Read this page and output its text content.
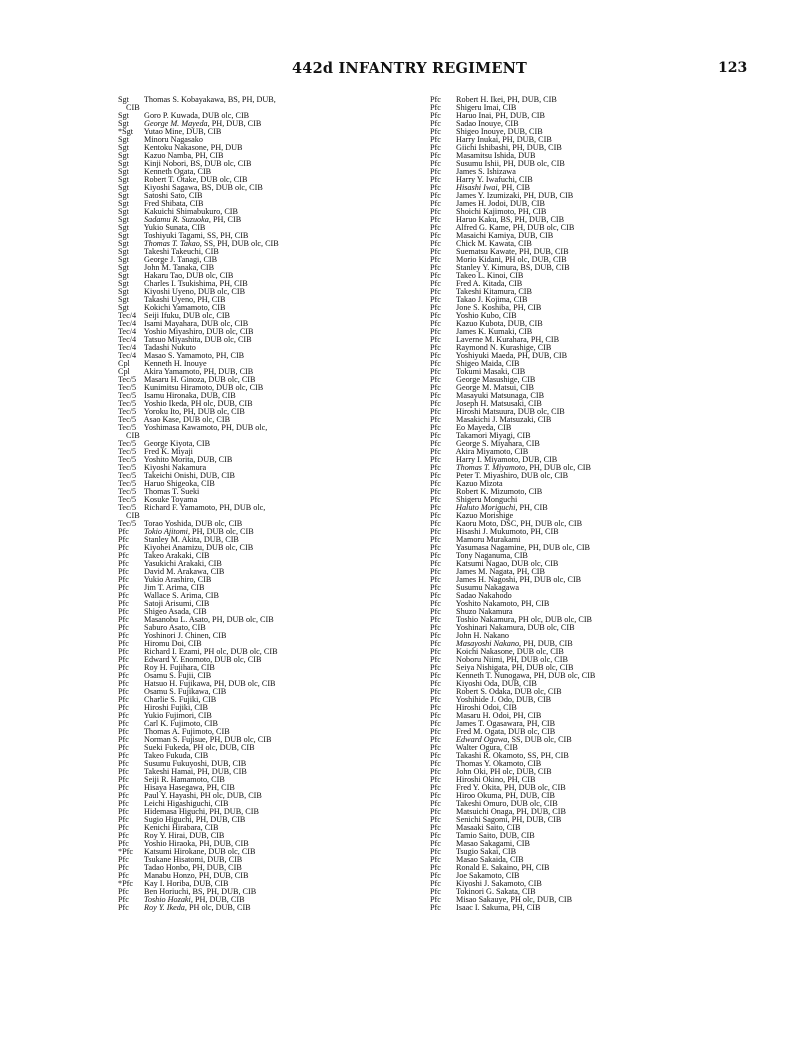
442d INFANTRY REGIMENT	123
Sgt Thomas S. Kobayakawa, BS, PH, DUB,
CIB
Sgt Goro P. Kuwada, DUB olc, CIB
Sgt George M. Mayeda, PH, DUB, CIB
*Sgt Yutao Mine, DUB, CIB
Sgt Minoru Nagasako
Sgt Kentoku Nakasone, PH, DUB
Sgt Kazuo Namba, PH, CIB
Sgt Kinji Nobori, BS, DUB olc, CIB
Sgt Kenneth Ogata, CIB
Sgt Robert T. Otake, DUB olc, CIB
Sgt Kiyoshi Sagawa, BS, DUB olc, CIB
Sgt Satoshi Sato, CIB
Sgt Fred Shibata, CIB
Sgt Kakuichi Shimabukuro, CIB
Sgt Sadamu R. Suzuoka, PH, CIB
Sgt Yukio Sunata, CIB
Sgt Toshiyuki Tagami, SS, PH, CIB
Sgt Thomas T. Takao, SS, PH, DUB olc, CIB
Sgt Takeshi Takeuchi, CIB
Sgt George J. Tanagi, CIB
Sgt John M. Tanaka, CIB
Sgt Hakaru Tao, DUB olc, CIB
Sgt Charles I. Tsukishima, PH, CIB
Sgt Kiyoshi Uyeno, DUB olc, CIB
Sgt Takashi Uyeno, PH, CIB
Sgt Kokichi Yamamoto, CIB
Tec/4 Seiji Ifuku, DUB olc, CIB
Tec/4 Isami Mayahara, DUB olc, CIB
Tec/4 Yoshio Miyashiro, DUB olc, CIB
Tec/4 Tatsuo Miyashita, DUB olc, CIB
Tec/4 Tadashi Nukuto
Tec/4 Masao S. Yamamoto, PH, CIB
Cpl Kenneth H. Inouye
Cpl Akira Yamamoto, PH, DUB, CIB
Tec/5 Masaru H. Ginoza, DUB olc, CIB
Tec/5 Kunimitsu Hiramoto, DUB olc, CIB
Tec/5 Isamu Hironaka, DUB, CIB
Tec/5 Yoshio Ikeda, PH olc, DUB, CIB
Tec/5 Yoroku Ito, PH, DUB olc, CIB
Tec/5 Asao Kase, DUB olc, CIB
Tec/5 Yoshimasa Kawamoto, PH, DUB olc,
CIB
Tec/5 George Kiyota, CIB
Tec/5 Fred K. Miyaji
Tec/5 Yoshito Morita, DUB, CIB
Tec/5 Kiyoshi Nakamura
Tec/5 Takeichi Onishi, DUB, CIB
Tec/5 Haruo Shigeoka, CIB
Tec/5 Thomas T. Sueki
Tec/5 Kosuke Toyama
Tec/5 Richard F. Yamamoto, PH, DUB olc,
CIB
Tec/5 Torao Yoshida, DUB olc, CIB
Pfc Tokio Ajitomi, PH, DUB olc, CIB
Pfc Stanley M. Akita, DUB, CIB
Pfc Kiyohei Anamizu, DUB olc, CIB
Pfc Takeo Arakaki, CIB
Pfc Yasukichi Arakaki, CIB
Pfc David M. Arakawa, CIB
Pfc Yukio Arashiro, CIB
Pfc Jim T. Arima, CIB
Pfc Wallace S. Arima, CIB
Pfc Satoji Arisumi, CIB
Pfc Shigeo Asada, CIB
Pfc Masanobu L. Asato, PH, DUB olc, CIB
Pfc Saburo Asato, CIB
Pfc Yoshinori J. Chinen, CIB
Pfc Hiromu Doi, CIB
Pfc Richard I. Ezami, PH olc, DUB olc, CIB
Pfc Edward Y. Enomoto, DUB olc, CIB
Pfc Roy H. Fujihara, CIB
Pfc Osamu S. Fujii, CIB
Pfc Hatsuo H. Fujikawa, PH, DUB olc, CIB
Pfc Osamu S. Fujikawa, CIB
Pfc Charlie S. Fujiki, CIB
Pfc Hiroshi Fujiki, CIB
Pfc Yukio Fujimori, CIB
Pfc Carl K. Fujimoto, CIB
Pfc Thomas A. Fujimoto, CIB
Pfc Norman S. Fujisue, PH, DUB olc, CIB
Pfc Sueki Fukeda, PH olc, DUB, CIB
Pfc Takeo Fukuda, CIB
Pfc Susumu Fukuyoshi, DUB, CIB
Pfc Takeshi Hamai, PH, DUB, CIB
Pfc Seiji R. Hamamoto, CIB
Pfc Hisaya Hasegawa, PH, CIB
Pfc Paul Y. Hayashi, PH olc, DUB, CIB
Pfc Leichi Higashiguchi, CIB
Pfc Hidemasa Higuchi, PH, DUB, CIB
Pfc Sugio Higuchi, PH, DUB, CIB
Pfc Kenichi Hirabara, CIB
Pfc Roy Y. Hirai, DUB, CIB
Pfc Yoshio Hiraoka, PH, DUB, CIB
*Pfc Katsumi Hirokane, DUB olc, CIB
Pfc Tsukane Hisatomi, DUB, CIB
Pfc Tadao Honbo, PH, DUB, CIB
Pfc Manabu Honzo, PH, DUB, CIB
*Pfc Kay I. Horiba, DUB, CIB
Pfc Ben Horiuchi, BS, PH, DUB, CIB
Pfc Toshio Hozaki, PH, DUB, CIB
Pfc Roy Y. Ikeda, PH olc, DUB, CIB
Pfc Robert H. Ikei, PH, DUB, CIB
Pfc Shigeru Imai, CIB
Pfc Haruo Inai, PH, DUB, CIB
Pfc Sadao Inouye, CIB
Pfc Shigeo Inouye, DUB, CIB
Pfc Harry Inukai, PH, DUB, CIB
Pfc Giichi Ishibashi, PH, DUB, CIB
Pfc Masamitsu Ishida, DUB
Pfc Susumu Ishii, PH, DUB olc, CIB
Pfc James S. Ishizawa
Pfc Harry Y. Iwafuchi, CIB
Pfc Hisashi Iwai, PH, CIB
Pfc James Y. Izumizaki, PH, DUB, CIB
Pfc James H. Jodoi, DUB, CIB
Pfc Shoichi Kajimoto, PH, CIB
Pfc Haruo Kaku, BS, PH, DUB, CIB
Pfc Alfred G. Kame, PH, DUB olc, CIB
Pfc Masaichi Kamiya, DUB, CIB
Pfc Chick M. Kawata, CIB
Pfc Suematsu Kawate, PH, DUB, CIB
Pfc Morio Kidani, PH olc, DUB, CIB
Pfc Stanley Y. Kimura, BS, DUB, CIB
Pfc Takeo L. Kinoi, CIB
Pfc Fred A. Kitada, CIB
Pfc Takeshi Kitamura, CIB
Pfc Takao J. Kojima, CIB
Pfc Jone S. Koshiba, PH, CIB
Pfc Yoshio Kubo, CIB
Pfc Kazuo Kubota, DUB, CIB
Pfc James K. Kumaki, CIB
Pfc Laverne M. Kurahara, PH, CIB
Pfc Raymond N. Kurashige, CIB
Pfc Yoshiyuki Maeda, PH, DUB, CIB
Pfc Shigeo Maida, CIB
Pfc Tokumi Masaki, CIB
Pfc George Masushige, CIB
Pfc George M. Matsui, CIB
Pfc Masayuki Matsunaga, CIB
Pfc Joseph H. Matsusaki, CIB
Pfc Hiroshi Matsuura, DUB olc, CIB
Pfc Masakichi J. Matsuzaki, CIB
Pfc Eo Mayeda, CIB
Pfc Takamori Miyagi, CIB
Pfc George S. Miyahara, CIB
Pfc Akira Miyamoto, CIB
Pfc Harry I. Miyamoto, DUB, CIB
Pfc Thomas T. Miyamoto, PH, DUB olc, CIB
Pfc Peter T. Miyashiro, DUB olc, CIB
Pfc Kazuo Mizota
Pfc Robert K. Mizumoto, CIB
Pfc Shigeru Monguchi
Pfc Haluto Moriguchi, PH, CIB
Pfc Kazuo Morishige
Pfc Kaoru Moto, DSC, PH, DUB olc, CIB
Pfc Hisashi J. Mukumoto, PH, CIB
Pfc Mamoru Murakami
Pfc Yasumasa Nagamine, PH, DUB olc, CIB
Pfc Tony Naganuma, CIB
Pfc Katsumi Nagao, DUB olc, CIB
Pfc James M. Nagata, PH, CIB
Pfc James H. Nagoshi, PH, DUB olc, CIB
Pfc Susumu Nakagawa
Pfc Sadao Nakahodo
Pfc Yoshito Nakamoto, PH, CIB
Pfc Shuzo Nakamura
Pfc Toshio Nakamura, PH olc, DUB olc, CIB
Pfc Yoshinari Nakamura, DUB olc, CIB
Pfc John H. Nakano
Pfc Masayoshi Nakano, PH, DUB, CIB
Pfc Koichi Nakasone, DUB olc, CIB
Pfc Noboru Niimi, PH, DUB olc, CIB
Pfc Seiya Nishigata, PH, DUB olc, CIB
Pfc Kenneth T. Nunogawa, PH, DUB olc, CIB
Pfc Kiyoshi Oda, DUB, CIB
Pfc Robert S. Odaka, DUB olc, CIB
Pfc Yoshihide J. Odo, DUB, CIB
Pfc Hiroshi Odoi, CIB
Pfc Masaru H. Odoi, PH, CIB
Pfc James T. Ogasawara, PH, CIB
Pfc Fred M. Ogata, DUB olc, CIB
Pfc Edward Ogawa, SS, DUB olc, CIB
Pfc Walter Ogura, CIB
Pfc Takashi R. Okamoto, SS, PH, CIB
Pfc Thomas Y. Okamoto, CIB
Pfc John Oki, PH olc, DUB, CIB
Pfc Hiroshi Okino, PH, CIB
Pfc Fred Y. Okita, PH, DUB olc, CIB
Pfc Hiroo Okuma, PH, DUB, CIB
Pfc Takeshi Omuro, DUB olc, CIB
Pfc Matsuichi Onaga, PH, DUB, CIB
Pfc Senichi Sagomi, PH, DUB, CIB
Pfc Masaaki Saito, CIB
Pfc Tamio Saito, DUB, CIB
Pfc Masao Sakagami, CIB
Pfc Tsugio Sakai, CIB
Pfc Masao Sakaida, CIB
Pfc Ronald E. Sakaino, PH, CIB
Pfc Joe Sakamoto, CIB
Pfc Kiyoshi J. Sakamoto, CIB
Pfc Tokinori G. Sakata, CIB
Pfc Misao Sakauye, PH olc, DUB, CIB
Pfc Isaac I. Sakuma, PH, CIB
